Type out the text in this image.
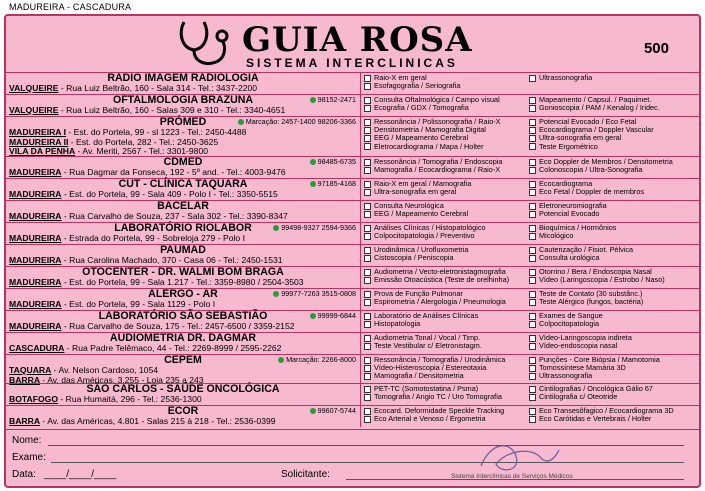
MADUREIRA - CASCADURA
GUIA ROSA
SISTEMA INTERCLINICAS
500
RADIO IMAGEM RADIOLOGIA
VALQUEIRE - Rua Luiz Beltrão, 160 - Sala 314 - Tel.: 3437-2200
Raio-X em geral	Ultrassonografia
Esofagografia / Seriografia
OFTALMOLOGIA BRAZUNA
VALQUEIRE - Rua Luiz Beltrão, 160 - Salas 309 e 310 - Tel.: 3340-4651
98152-2471 Consulta Oftalmológica / Campo visual	Mapeamento / Capsul. / Paquimet.
Ecografia / GDX / Tomografia	Gonioscopia / PAM / Kenalog / Iridec.
PRÓMED
MADUREIRA I - Est. do Portela, 99 - sl 1223 - Tel.: 2450-4488
MADUREIRA II - Est. do Portela, 282 - Tel.: 2450-3625
VILA DA PENHA - Av. Meriti, 2567 - Tel.: 3301-9800
Marcação: 2457-1400 98206-3366 Ressonância / Polissonografia / Raio-X	Potencial Evocado / Eco Fetal
Densitometria / Mamografia Digital	Ecocardiograma / Doppler Vascular
EEG / Mapeamento Cerebral	Ultra-sonografia em geral
Eletrocardiograma / Mapa / Holter	Teste Ergométrico
CDMED
MADUREIRA - Rua Dagmar da Fonseca, 192 - 5º and. - Tel.: 4003-9476
98485-6735 Ressonância / Tomografia / Endoscopia	Eco Doppler de Membros / Densitometria
Mamografia / Ecocardiograma / Raio-X	Colonoscopia / Ultra-Sonografia
CUT - CLÍNICA TAQUARA
MADUREIRA - Est. do Portela, 99 - Sala 409 - Polo I - Tel.: 3350-5515
97185-4168 Raio-X em geral / Mamografia	Ecocardiograma
Ultra-sonografia em geral	Eco Fetal / Doppler de membros
BACELAR
MADUREIRA - Rua Carvalho de Souza, 237 - Sala 302 - Tel.: 3390-8347
Consulta Neurológica	Eletroneuromiografia
EEG / Mapeamento Cerebral	Potencial Evocado
LABORATÓRIO RIOLABOR
MADUREIRA - Estrada do Portela, 99 - Sobreloja 279 - Polo I
99498-9327 2594-9366 Análises Clínicas / Histopatológico	Bioquímica / Hormônios
Colpocitopatologia / Preventivo	Micológico
PAUMAD
MADUREIRA - Rua Carolina Machado, 370 - Casa 06 - Tel.: 2450-1531
Urodinâmica / Urofluxometria	Cauterização / Fisiot. Pélvica
Cistoscopia / Peniscopia	Consulta urológica
OTOCENTER - DR. WALMI BOM BRAGA
MADUREIRA - Est. do Portela, 99 - Sala 1.217 - Tel.: 3359-8980 / 2504-3503
Audiometria / Vecto-eletronistagmografia	Otorrino / Bera / Endoscopia Nasal
Emissão Otoacústica (Teste de orelhinha)	Vídeo (Laringoscopia / Estrobo / Naso)
ALERGO - AR
MADUREIRA - Est. do Portela, 99 - Sala 1129 - Polo I
99977-7263 3515-0808 Prova de Função Pulmonar	Teste de Contato (30 substânc.)
Espirometria / Alergologia / Pneumologia	Teste Alérgico (fungos, bactéria)
LABORATÓRIO SÃO SEBASTIÃO
MADUREIRA - Rua Carvalho de Souza, 175 - Tel.: 2457-6500 / 3359-2152
99999-6844 Laboratório de Análises Clínicas	Exames de Sangue
Histopatologia	Colpocitopatologia
AUDIOMETRIA DR. DAGMAR
CASCADURA - Rua Padre Telêmaco, 44 - Tel.: 2269-8999 / 2595-2262
Audiometria Tonal / Vocal / Timp.	Vídeo-Laringoscopia indireta
Teste Vestibular c/ Eletronistagm.	Vídeo-endoscopia nasal
CEPEM
TAQUARA - Av. Nelson Cardoso, 1054
BARRA - Av. das Américas, 3.255 - Loja 235 a 243
Marcação: 2266-8000 Ressonância / Tomografia / Urodinâmica	Punções - Core Biópsia / Mamotomia
Vídeo-Histeroscopia / Estereotaxia	Tomossíntese Mamária 3D
Mamografia / Densitometria	Ultrassonografia
SÃO CARLOS - SAÚDE ONCOLÓGICA
BOTAFOGO - Rua Humaitá, 296 - Tel.: 2536-1300
PET-TC (Somotostatina / Psma)	Cintilografias / Oncológica Gálio 67
Tomografia / Angio TC / Uro Tomografia	Cintilografia c/ Oteotride
ECOR
BARRA - Av. das Américas, 4.801 - Salas 215 à 218 - Tel.: 2536-0399
99607-5744 Ecocard. Deformidade Speckle Tracking	Eco Transesôfagico / Ecocardiograma 3D
Eco Arterial e Venoso / Ergometria	Eco Carótidas e Vertebrais / Holter
Nome:
Exame:
Data: ____/____/____	Solicitante:	Sistema Interclínicas de Serviços Médicos
